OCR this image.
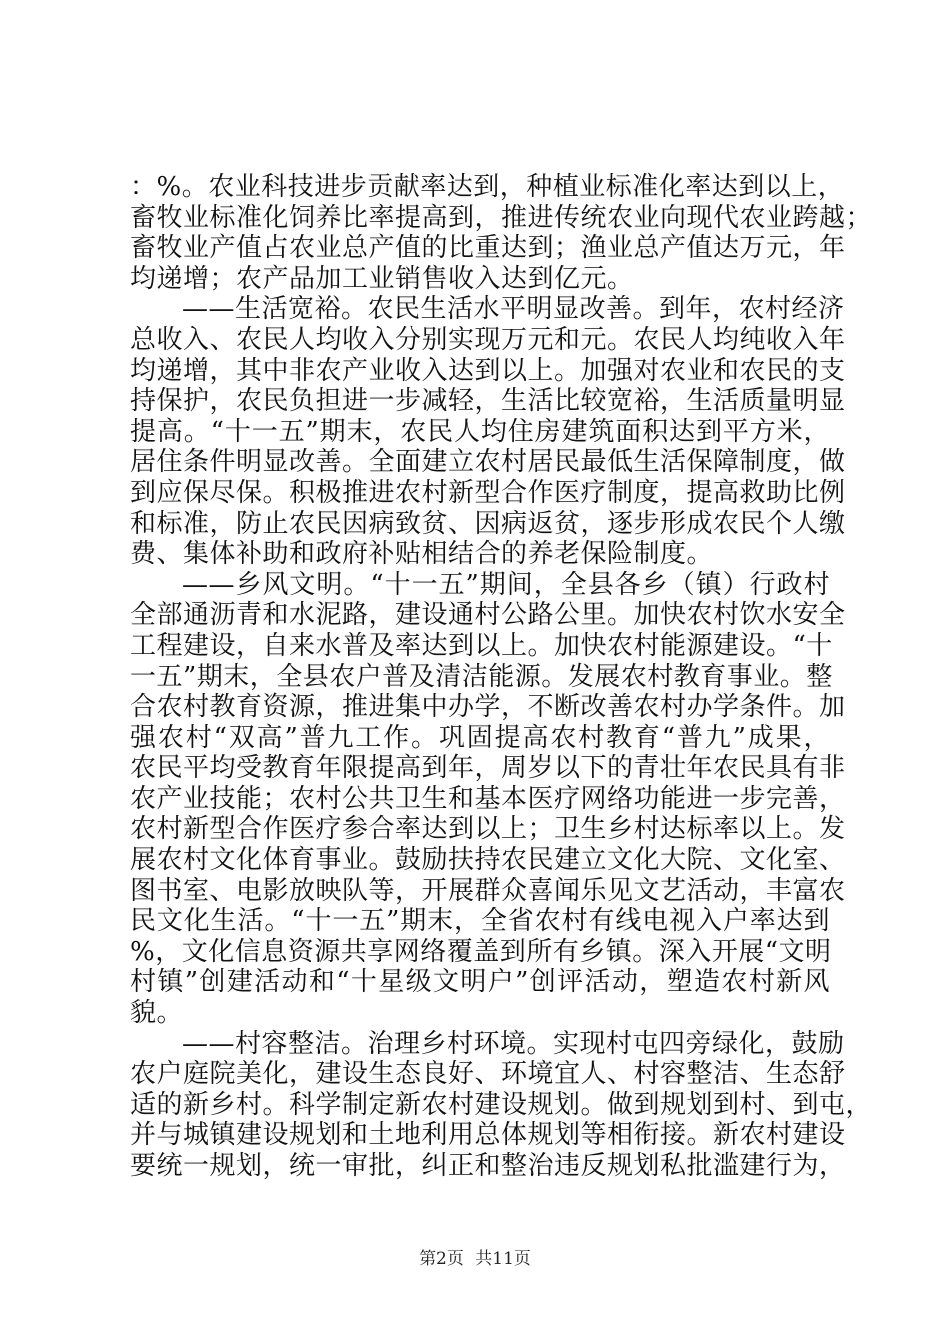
：%。农业科技进步贡献率达到，种植业标准化率达到以上，
畜牧业标准化饲养比率提高到，推进传统农业向现代农业跨越；
畜牧业产值占农业总产值的比重达到；渔业总产值达万元，年
均递增；农产品加工业销售收入达到亿元。
——生活宽裕。农民生活水平明显改善。到年，农村经济
总收入、农民人均收入分别实现万元和元。农民人均纯收入年
均递增，其中非农产业收入达到以上。加强对农业和农民的支
持保护，农民负担进一步减轻，生活比较宽裕，生活质量明显
提高。“十一五”期末，农民人均住房建筑面积达到平方米，
居住条件明显改善。全面建立农村居民最低生活保障制度，做
到应保尽保。积极推进农村新型合作医疗制度，提高救助比例
和标准，防止农民因病致贫、因病返贫，逐步形成农民个人缴
费、集体补助和政府补贴相结合的养老保险制度。
——乡风文明。“十一五”期间，全县各乡（镇）行政村
全部通沥青和水泥路，建设通村公路公里。加快农村饮水安全
工程建设，自来水普及率达到以上。加快农村能源建设。“十
一五”期末，全县农户普及清洁能源。发展农村教育事业。整
合农村教育资源，推进集中办学，不断改善农村办学条件。加
强农村“双高”普九工作。巩固提高农村教育“普九”成果，
农民平均受教育年限提高到年，周岁以下的青壮年农民具有非
农产业技能；农村公共卫生和基本医疗网络功能进一步完善，
农村新型合作医疗参合率达到以上；卫生乡村达标率以上。发
展农村文化体育事业。鼓励扶持农民建立文化大院、文化室、
图书室、电影放映队等，开展群众喜闻乐见文艺活动，丰富农
民文化生活。“十一五”期末，全省农村有线电视入户率达到
%，文化信息资源共享网络覆盖到所有乡镇。深入开展“文明
村镇”创建活动和“十星级文明户”创评活动，塑造农村新风
貌。
——村容整洁。治理乡村环境。实现村屯四旁绿化，鼓励
农户庭院美化，建设生态良好、环境宜人、村容整洁、生态舒
适的新乡村。科学制定新农村建设规划。做到规划到村、到屯，
并与城镇建设规划和土地利用总体规划等相衔接。新农村建设
要统一规划，统一审批，纠正和整治违反规划私批滥建行为，
第2页 共11页
